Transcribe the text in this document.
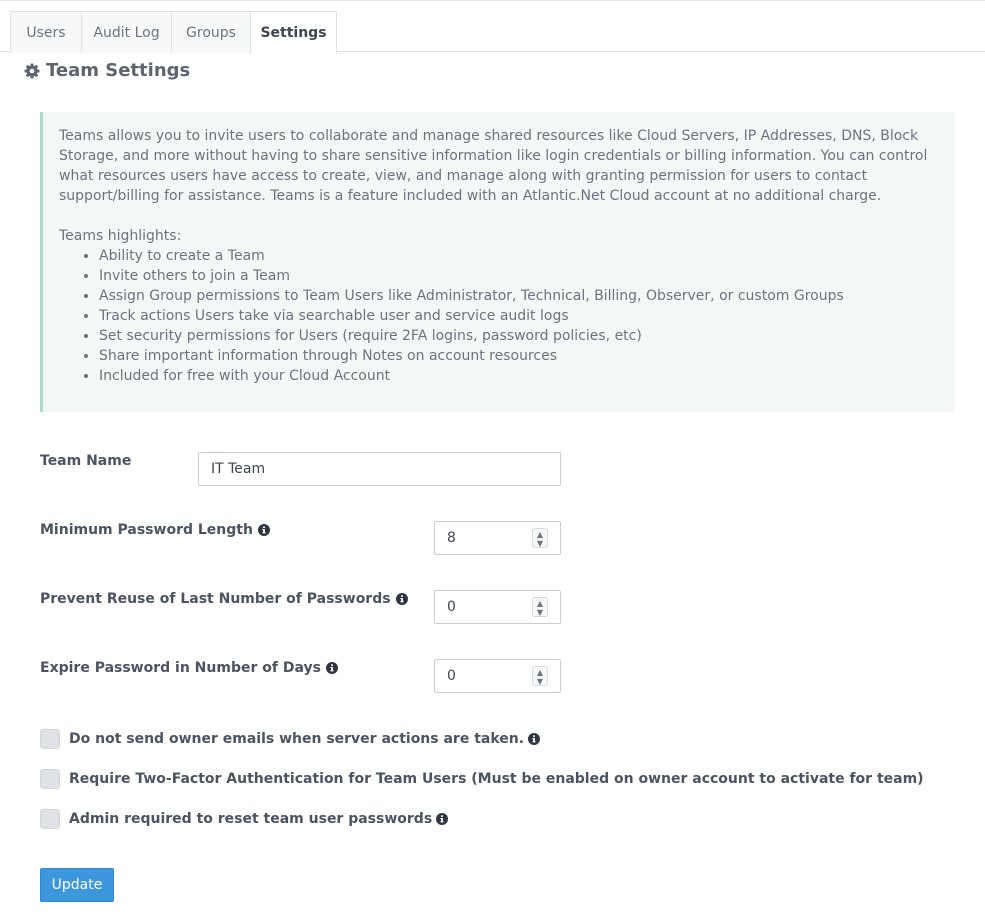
Users	Audit Log	Groups	Settings
Team Settings

Teams allows you to invite users to collaborate and manage shared resources like Cloud Servers, IP Addresses, DNS, Block Storage, and more without having to share sensitive information like login credentials or billing information. You can control what resources users have access to create, view, and manage along with granting permission for users to contact support/billing for assistance. Teams is a feature included with an Atlantic.Net Cloud account at no additional charge.

Teams highlights:

• Ability to create a Team
• Invite others to join a Team
• Assign Group permissions to Team Users like Administrator, Technical, Billing, Observer, or custom Groups
• Track actions Users take via searchable user and service audit logs
• Set security permissions for Users (require 2FA logins, password policies, etc)
• Share important information through Notes on account resources
• Included for free with your Cloud Account
Team Name
IT Team
Minimum Password Length
8	▲
▼
Prevent Reuse of Last Number of Passwords
0	▲
▼
Expire Password in Number of Days
0	▲
▼
Do not send owner emails when server actions are taken.
Require Two-Factor Authentication for Team Users (Must be enabled on owner account to activate for team)
Admin required to reset team user passwords
Update
